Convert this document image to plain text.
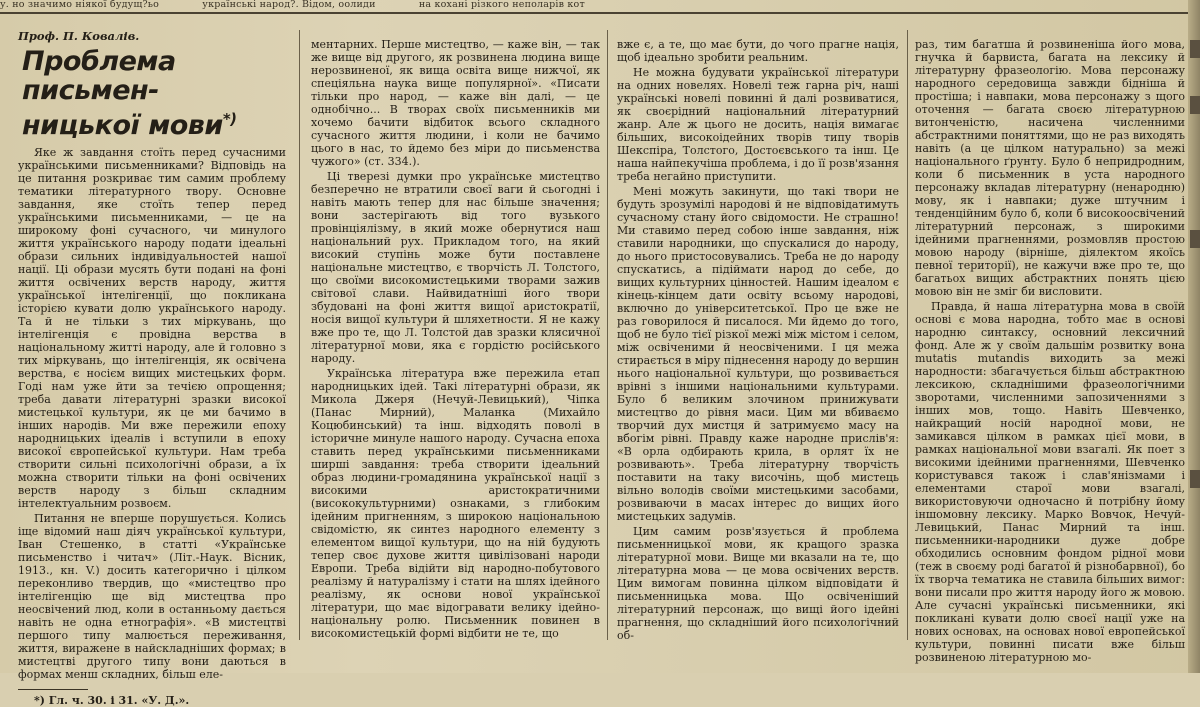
у. но значимо ніякої будущ?ьо	українські народ?. Відом, оолиди	на кохані різкого неполарів кот
Проф. П. Ковалів.
Проблема письмен-
ницької мови*)

Яке ж завдання стоїть перед сучасними українськими письменниками? Відповідь на це питання розкриває тим самим проблему тематики літературного твору. Основне завдання, яке стоїть тепер перед українськими письменниками, — це на широкому фоні сучасного, чи минулого життя українського народу подати ідеальні образи сильних індивідуальностей нашої нації. Ці образи мусять бути подані на фоні життя освічених верств народу, життя української інтелігенції, що покликана історією кувати долю українського народу. Та й не тільки з тих міркувань, що інтелігенція є провідна верства в національному житті народу, але й головно з тих міркувань, що інтелігенція, як освічена верства, є носієм вищих мистецьких форм. Годі нам уже йти за течією опрощення; треба давати літературні зразки високої мистецької культури, як це ми бачимо в інших народів. Ми вже пережили епоху народницьких ідеалів і вступили в епоху високої європейської культури. Нам треба створити сильні психологічні образи, а їх можна створити тільки на фоні освічених верств народу з більш складним інтелектуальним розвоєм.

Питання не вперше порушується. Колись іще відомий наш діяч української культури, Іван Стешенко, в статті «Українське письменство і читач» (Літ.-Наук. Вісник, 1913., кн. V.) досить категорично і цілком переконливо твердив, що «мистецтво про інтелігенцію ще від мистецтва про неосвічений люд, коли в останньому дається навіть не одна етнографія». «В мистецтві першого типу малюється переживання, життя, виражене в найскладніших формах; в мистецтві другого типу вони даються в формах менш складних, більш еле-

*) Гл. ч. 30. і 31. «У. Д.».

ментарних. Перше мистецтво, — каже він, — так же вище від другого, як розвинена людина вище нерозвиненої, як вища освіта вище нижчої, як спеціяльна наука вище популярної». «Писати тільки про народ, — каже він далі, — це однобічно... В творах своїх письменників ми хочемо бачити відбиток всього складного сучасного життя людини, і коли не бачимо цього в нас, то йдемо без міри до письменства чужого» (ст. 334.).

Ці тверезі думки про українське мистецтво безперечно не втратили своєї ваги й сьогодні і навіть мають тепер для нас більше значення; вони застерігають від того вузького провінціялізму, в який може обернутися наш національний рух. Прикладом того, на який високий ступінь може бути поставлене національне мистецтво, є творчість Л. Толстого, що своїми високомистецькими творами зажив світової слави. Найвидатніші його твори збудовані на фоні життя вищої аристократії, носія вищої культури й шляхетности. Я не кажу вже про те, що Л. Толстой дав зразки клясичної літературної мови, яка є гордістю російського народу.

Українська література вже пережила етап народницьких ідей. Такі літературні образи, як Микола Джеря (Нечуй-Левицький), Чіпка (Панас Мирний), Маланка (Михайло Коцюбинський) та інш. відходять поволі в історичне минуле нашого народу. Сучасна епоха ставить перед українськими письменниками ширші завдання: треба створити ідеальний образ людини-громадянина української нації з високими аристократичними (висококультурними) ознаками, з глибоким ідейним пригненням, з широкою національною свідомістю, як синтез народного елементу з елементом вищої культури, що на ній будують тепер своє духове життя цивілізовані народи Европи. Треба відійти від народно-побутового реалізму й натуралізму і стати на шлях ідейного реалізму, як основи нової української літератури, що має відогравати велику ідейно-національну ролю. Письменник повинен в високомистецькій формі відбити не те, що

вже є, а те, що має бути, до чого прагне нація, щоб ідеально зробити реальним.

Не можна будувати української літератури на одних новелях. Новелі теж гарна річ, наші українські новелі повинні й далі розвиватися, як своєрідний національний літературний жанр. Але ж цього не досить, нація вимагає більших, високоідейних творів типу творів Шекспіра, Толстого, Достоєвського та інш. Це наша найпекучіша проблема, і до її розв'язання треба негайно приступити.

Мені можуть закинути, що такі твори не будуть зрозумілі народові й не відповідатимуть сучасному стану його свідомости. Не страшно! Ми ставимо перед собою інше завдання, ніж ставили народники, що спускалися до народу, до нього пристосовувались. Треба не до народу спускатись, а підіймати народ до себе, до вищих культурних цінностей. Нашим ідеалом є кінець-кінцем дати освіту всьому народові, включно до університетської. Про це вже не раз говорилося й писалося. Ми йдемо до того, щоб не було тієї різкої межі між містом і селом, між освіченими й неосвіченими. І ця межа стирається в міру піднесення народу до вершин нього національної культури, що розвивається врівні з іншими національними культурами. Було б великим злочином принижувати мистецтво до рівня маси. Цим ми вбиваємо творчий дух мистця й затримуємо масу на вбогім рівні. Правду каже народне прислів'я: «В орла одбирають крила, в орлят їх не розвивають». Треба літературну творчість поставити на таку височінь, щоб мистець вільно володів своїми мистецькими засобами, розвиваючи в масах інтерес до вищих його мистецьких задумів.

Цим самим розв'язується й проблема письменницької мови, як кращого зразка літературної мови. Вище ми вказали на те, що літературна мова — це мова освічених верств. Цим вимогам повинна цілком відповідати й письменницька мова. Що освіченіший літературний персонаж, що вищі його ідейні прагнення, що складніший його психологічний об-

раз, тим багатша й розвиненіша його мова, гнучка й барвиста, багата на лексику й літературну фразеологію. Мова персонажу народного середовища завжди бідніша й простіша; і навпаки, мова персонажу з щого оточення — багата своєю літературною витонченістю, насичена численними абстрактними поняттями, що не раз виходять навіть (а це цілком натурально) за межі національного ґрунту. Було б непридродним, коли б письменник в уста народного персонажу вкладав літературну (ненародню) мову, як і навпаки; дуже штучним і тенденційним було б, коли б високоосвічений літературний персонаж, з широкими ідейними прагненнями, розмовляв простою мовою народу (вірніше, діялектом якоїсь певної території), не кажучи вже про те, що багатьох вищих абстрактних понять цією мовою він не зміг би висловити.

Правда, й наша літературна мова в своїй основі є мова народна, тобто має в основі народню синтаксу, основний лексичний фонд. Але ж у своїм дальшім розвитку вона mutatis mutandis виходить за межі народности: збагачується більш абстрактною лексикою, складнішими фразеологічними зворотами, численними запозиченнями з інших мов, тощо. Навіть Шевченко, найкращий носій народної мови, не замикався цілком в рамках цієї мови, в рамках національної мови взагалі. Як поет з високими ідейними прагненнями, Шевченко користувався також і слав'янізмами і елементами старої мови взагалі, використовуючи одночасно й потрібну йому іншомовну лексику. Марко Вовчок, Нечуй-Левицький, Панас Мирний та інш. письменники-народники дуже добре обходились основним фондом рідної мови (теж в своєму роді багатої й різнобарвної), бо їх творча тематика не ставила більших вимог: вони писали про життя народу його ж мовою. Але сучасні українські письменники, які покликані кувати долю своєї нації уже на нових основах, на основах нової европейської культури, повинні писати вже більш розвиненою літературною мо-
